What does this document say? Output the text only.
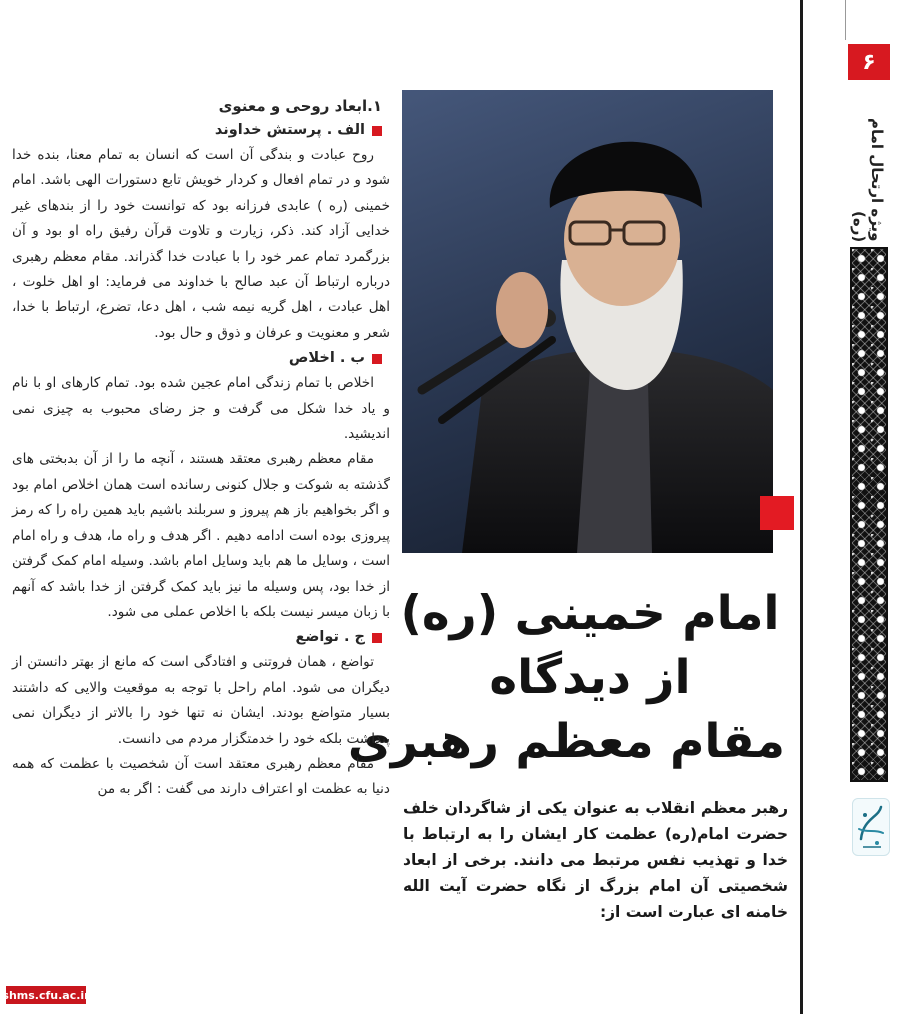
۶
ویژه ارتحال امام (ره)
امام خمینی (ره)
از دیدگاه
مقام معظم رهبری
رهبر معظم انقلاب به عنوان یکی از شاگردان خلف حضرت امام(ره) عظمت کار ایشان را به ارتباط با خدا و تهذیب نفس مرتبط می دانند. برخی از ابعاد شخصیتی آن امام بزرگ از نگاه حضرت آیت الله خامنه ای عبارت است از:
۱.ابعاد روحی و معنوی
الف . پرستش خداوند

روح عبادت و بندگی آن است که انسان به تمام معنا، بنده خدا شود و در تمام افعال و کردار خویش تابع دستورات الهی باشد. امام خمینی (ره ) عابدی فرزانه بود که توانست خود را از بندهای غیر خدایی آزاد کند. ذکر، زیارت و تلاوت قرآن رفیق راه او بود و آن بزرگمرد تمام عمر خود را با عبادت خدا گذراند. مقام معظم رهبری درباره ارتباط آن عبد صالح با خداوند می فرماید: او اهل خلوت ، اهل عبادت ، اهل گریه نیمه شب ، اهل دعا، تضرع، ارتباط با خدا، شعر و معنویت و عرفان و ذوق و حال بود.

ب . اخلاص

اخلاص با تمام زندگی امام عجین شده بود. تمام کارهای او با نام و یاد خدا شکل می گرفت و جز رضای محبوب به چیزی نمی اندیشید.

مقام معظم رهبری معتقد هستند ، آنچه ما را از آن بدبختی های گذشته به شوکت و جلال کنونی رسانده است همان اخلاص امام بود و اگر بخواهیم باز هم پیروز و سربلند باشیم باید همین راه را که رمز پیروزی بوده است ادامه دهیم . اگر هدف و راه ما، هدف و راه امام است ، وسایل ما هم باید وسایل امام باشد. وسیله امام کمک گرفتن از خدا بود، پس وسیله ما نیز باید کمک گرفتن از خدا باشد که آنهم با زبان میسر نیست بلکه با اخلاص عملی می شود.

ج . تواضع

تواضع ، همان فروتنی و افتادگی است که مانع از بهتر دانستن از دیگران می شود. امام راحل با توجه به موقعیت والایی که داشتند بسیار متواضع بودند. ایشان نه تنها خود را بالاتر از دیگران نمی پنداشت بلکه خود را خدمتگزار مردم می دانست.

مقام معظم رهبری معتقد است آن شخصیت با عظمت که همه دنیا به عظمت او اعتراف دارند می گفت : اگر به من

shms.cfu.ac.ir
